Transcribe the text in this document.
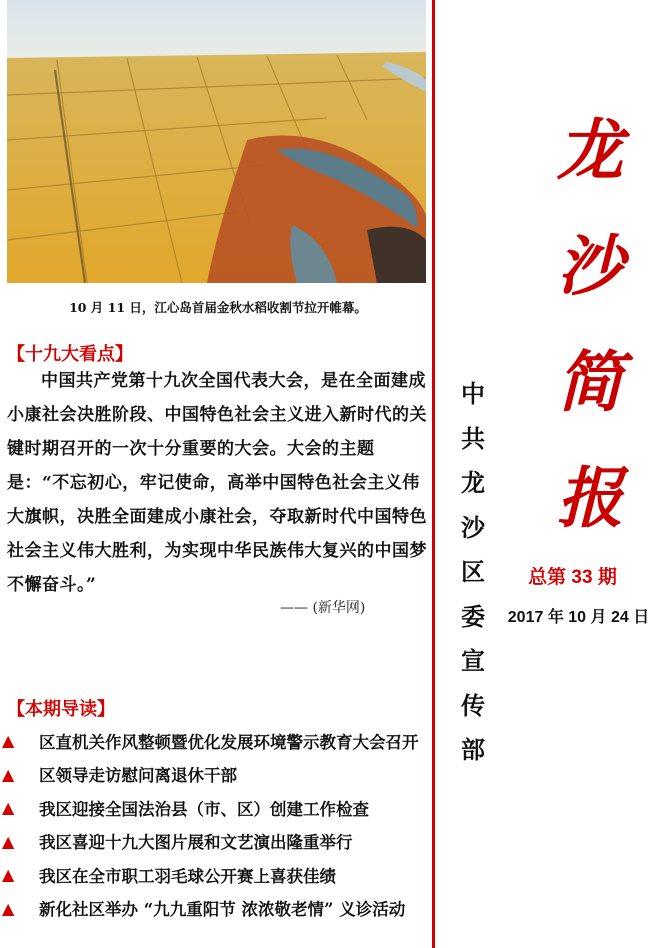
10 月 11 日，江心岛首届金秋水稻收割节拉开帷幕。
【十九大看点】
中国共产党第十九次全国代表大会，是在全面建成小康社会决胜阶段、中国特色社会主义进入新时代的关键时期召开的一次十分重要的大会。大会的主题是：“不忘初心，牢记使命，高举中国特色社会主义伟大旗帜，决胜全面建成小康社会，夺取新时代中国特色社会主义伟大胜利，为实现中华民族伟大复兴的中国梦不懈奋斗。”
—— (新华网)
【本期导读】
▲ 区直机关作风整顿暨优化发展环境警示教育大会召开
▲ 区领导走访慰问离退休干部
▲ 我区迎接全国法治县（市、区）创建工作检查
▲ 我区喜迎十九大图片展和文艺演出隆重举行
▲ 我区在全市职工羽毛球公开赛上喜获佳绩
▲ 新化社区举办 “九九重阳节 浓浓敬老情” 义诊活动
龙
沙
简
报
中
共
龙
沙
区
委
宣
传
部
总第 33 期
2017 年 10 月 24 日
